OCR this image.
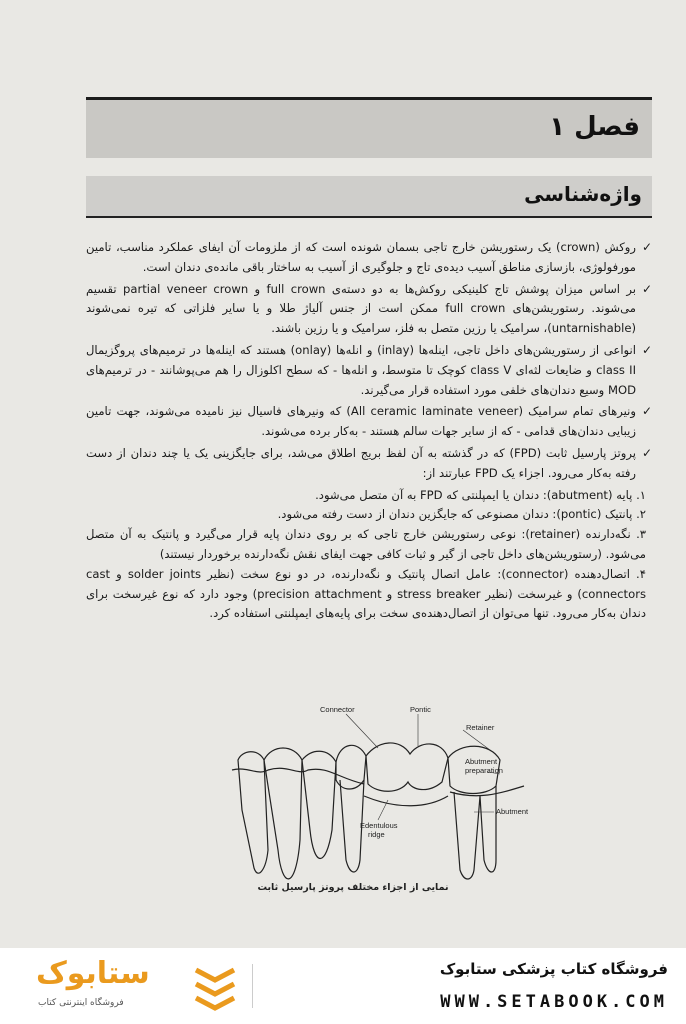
فصل ۱
واژه‌شناسی
✓
روکش (crown) یک رستوریشن خارج تاجی بسمان شونده است که از ملزومات آن ایفای عملکرد مناسب، تامین مورفولوژی، بازسازی مناطق آسیب دیده‌ی تاج و جلوگیری از آسیب به ساختار باقی مانده‌ی دندان است.
✓
بر اساس میزان پوشش تاج کلینیکی روکش‌ها به دو دسته‌ی full crown و partial veneer crown تقسیم می‌شوند. رستوریشن‌های full crown ممکن است از جنس آلیاژ طلا و یا سایر فلزاتی که تیره نمی‌شوند (untarnishable)، سرامیک یا رزین متصل به فلز، سرامیک و یا رزین باشند.
✓
انواعی از رستوریشن‌های داخل تاجی، اینله‌ها (inlay) و انله‌ها (onlay) هستند که اینله‌ها در ترمیم‌های پروگزیمال class II و ضایعات لثه‌ای class V کوچک تا متوسط، و انله‌ها - که سطح اکلوزال را هم می‌پوشانند - در ترمیم‌های MOD وسیع دندان‌های خلفی مورد استفاده قرار می‌گیرند.
✓
ونیرهای تمام سرامیک (All ceramic laminate veneer) که ونیرهای فاسیال نیز نامیده می‌شوند، جهت تامین زیبایی دندان‌های قدامی - که از سایر جهات سالم هستند - به‌کار برده می‌شوند.
✓
پروتز پارسیل ثابت (FPD) که در گذشته به آن لفظ بریج اطلاق می‌شد، برای جایگزینی یک یا چند دندان از دست رفته به‌کار می‌رود. اجزاء یک FPD عبارتند از:
۱. پایه (abutment): دندان یا ایمپلنتی که FPD به آن متصل می‌شود.
۲. پانتیک (pontic): دندان مصنوعی که جایگزین دندان از دست رفته می‌شود.
۳. نگه‌دارنده (retainer): نوعی رستوریشن خارج تاجی که بر روی دندان پایه قرار می‌گیرد و پانتیک به آن متصل می‌شود. (رستوریشن‌های داخل تاجی از گیر و ثبات کافی جهت ایفای نقش نگه‌دارنده برخوردار نیستند)
۴. اتصال‌دهنده (connector): عامل اتصال پانتیک و نگه‌دارنده، در دو نوع سخت (نظیر solder joints و cast connectors) و غیرسخت (نظیر stress breaker و precision attachment) وجود دارد که نوع غیرسخت برای دندان به‌کار می‌رود. تنها می‌توان از اتصال‌دهنده‌ی سخت برای پایه‌های ایمپلنتی استفاده کرد.
Connector	Pontic
Retainer
Abutment
preparation
Abutment
Edentulous
ridge
نمایی از اجزاء مختلف پروتز پارسیل ثابت
ستابوک
فروشگاه اینترنتی کتاب
فروشگاه کتاب پزشکی ستابوک
WWW.SETABOOK.COM
